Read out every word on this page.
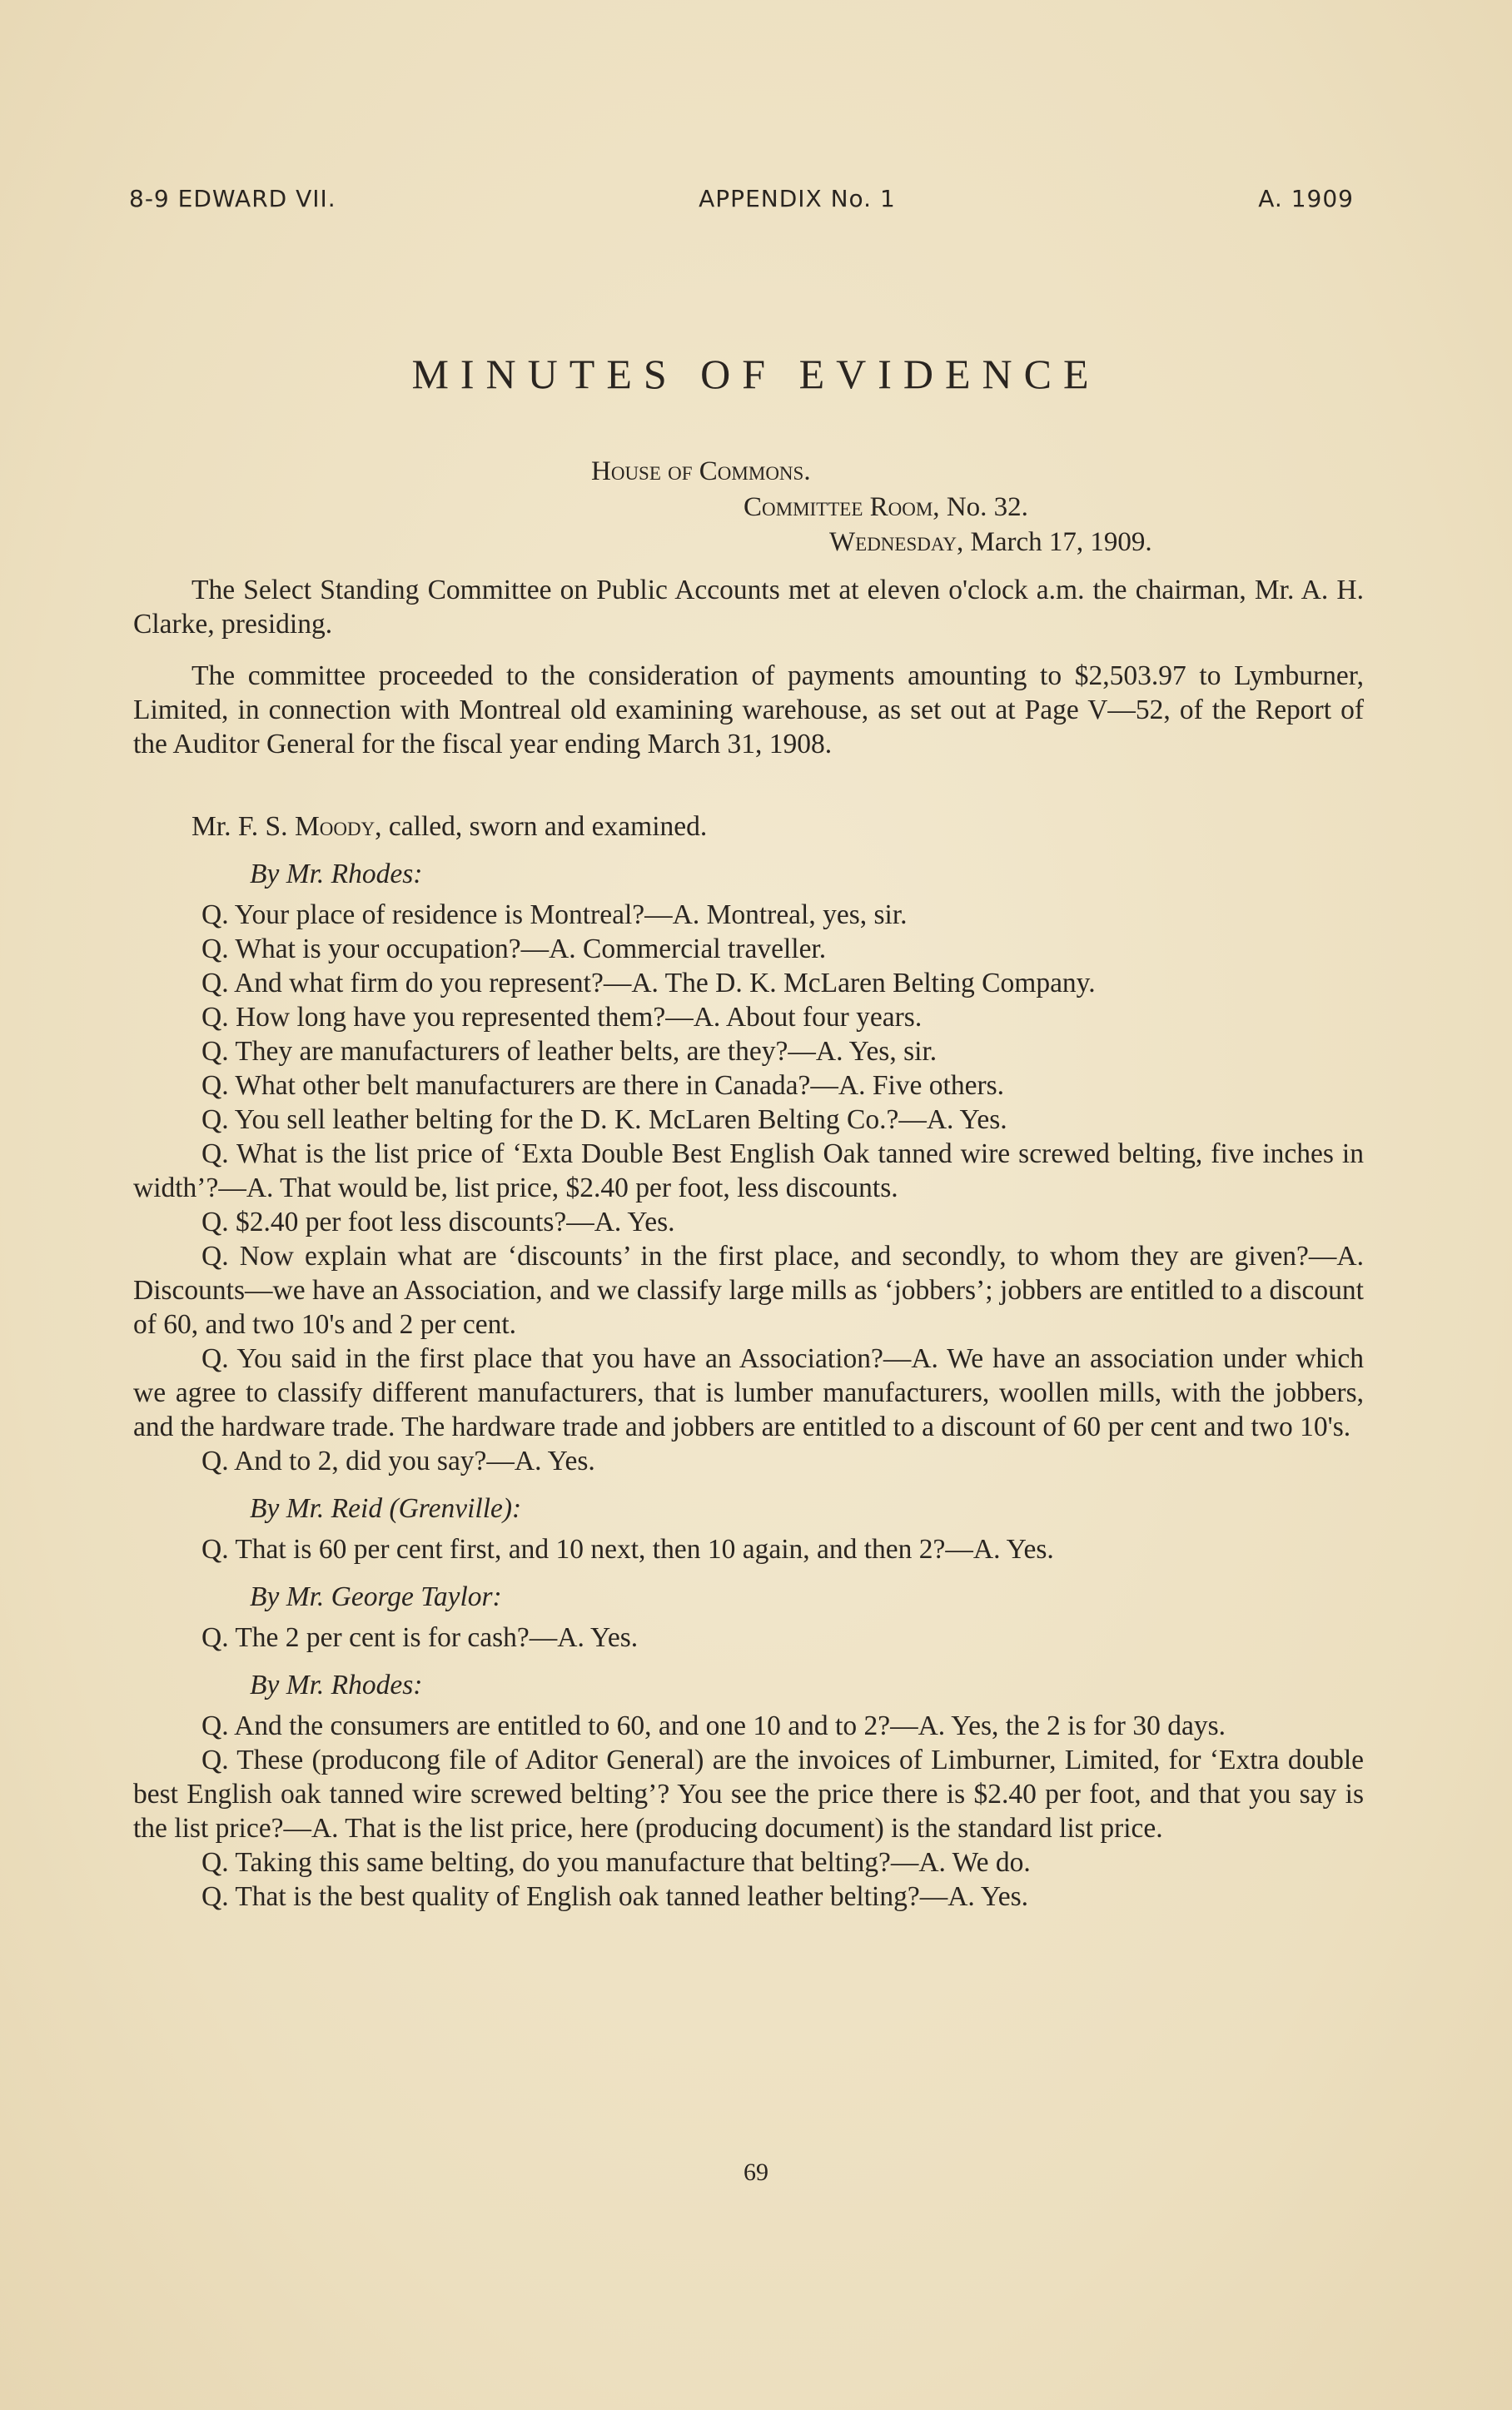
8-9 EDWARD VII.	APPENDIX No. 1	A. 1909
MINUTES OF EVIDENCE
House of Commons.
Committee Room, No. 32.
Wednesday, March 17, 1909.

The Select Standing Committee on Public Accounts met at eleven o'clock a.m. the chairman, Mr. A. H. Clarke, presiding.

The committee proceeded to the consideration of payments amounting to $2,503.97 to Lymburner, Limited, in connection with Montreal old examining warehouse, as set out at Page V—52, of the Report of the Auditor General for the fiscal year ending March 31, 1908.

Mr. F. S. Moody, called, sworn and examined.

By Mr. Rhodes:

Q. Your place of residence is Montreal?—A. Montreal, yes, sir.

Q. What is your occupation?—A. Commercial traveller.

Q. And what firm do you represent?—A. The D. K. McLaren Belting Company.

Q. How long have you represented them?—A. About four years.

Q. They are manufacturers of leather belts, are they?—A. Yes, sir.

Q. What other belt manufacturers are there in Canada?—A. Five others.

Q. You sell leather belting for the D. K. McLaren Belting Co.?—A. Yes.

Q. What is the list price of ‘Exta Double Best English Oak tanned wire screwed belting, five inches in width’?—A. That would be, list price, $2.40 per foot, less discounts.

Q. $2.40 per foot less discounts?—A. Yes.

Q. Now explain what are ‘discounts’ in the first place, and secondly, to whom they are given?—A. Discounts—we have an Association, and we classify large mills as ‘jobbers’; jobbers are entitled to a discount of 60, and two 10's and 2 per cent.

Q. You said in the first place that you have an Association?—A. We have an association under which we agree to classify different manufacturers, that is lumber manufacturers, woollen mills, with the jobbers, and the hardware trade. The hardware trade and jobbers are entitled to a discount of 60 per cent and two 10's.

Q. And to 2, did you say?—A. Yes.

By Mr. Reid (Grenville):

Q. That is 60 per cent first, and 10 next, then 10 again, and then 2?—A. Yes.

By Mr. George Taylor:

Q. The 2 per cent is for cash?—A. Yes.

By Mr. Rhodes:

Q. And the consumers are entitled to 60, and one 10 and to 2?—A. Yes, the 2 is for 30 days.

Q. These (producong file of Aditor General) are the invoices of Limburner, Limited, for ‘Extra double best English oak tanned wire screwed belting’? You see the price there is $2.40 per foot, and that you say is the list price?—A. That is the list price, here (producing document) is the standard list price.

Q. Taking this same belting, do you manufacture that belting?—A. We do.

Q. That is the best quality of English oak tanned leather belting?—A. Yes.

69
